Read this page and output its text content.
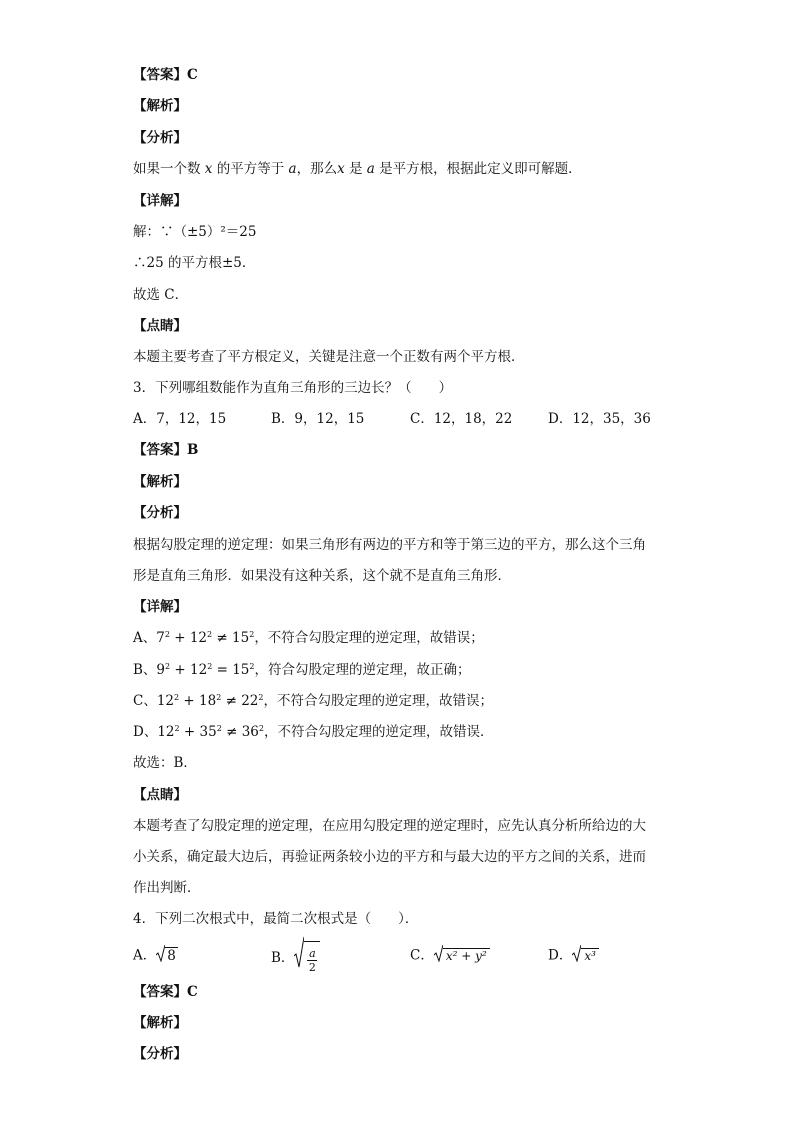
【答案】C
【解析】
【分析】
如果一个数 x 的平方等于 a，那么x 是 a 是平方根，根据此定义即可解题．
【详解】
解：∵（±5）²＝25
∴25 的平方根±5．
故选 C．
【点睛】
本题主要考查了平方根定义，关键是注意一个正数有两个平方根．
3．下列哪组数能作为直角三角形的三边长？（　　）
A．7，12，15	B．9，12，15	C．12，18，22	D．12，35，36
【答案】B
【解析】
【分析】
根据勾股定理的逆定理：如果三角形有两边的平方和等于第三边的平方，那么这个三角
形是直角三角形．如果没有这种关系，这个就不是直角三角形．
【详解】
A、$7^2 + 12^2 \ne 15^2$，不符合勾股定理的逆定理，故错误；
B、$9^2 + 12^2 = 15^2$，符合勾股定理的逆定理，故正确；
C、$12^2 + 18^2 \ne 22^2$，不符合勾股定理的逆定理，故错误；
D、$12^2 + 35^2 \ne 36^2$，不符合勾股定理的逆定理，故错误．
故选：B．
【点睛】
本题考查了勾股定理的逆定理，在应用勾股定理的逆定理时，应先认真分析所给边的大
小关系，确定最大边后，再验证两条较小边的平方和与最大边的平方之间的关系，进而
作出判断．
4．下列二次根式中，最简二次根式是（　　）．
A． 8	B． $\frac{a}{2}$	C． x² + y²	D． x³
【答案】C
【解析】
【分析】
